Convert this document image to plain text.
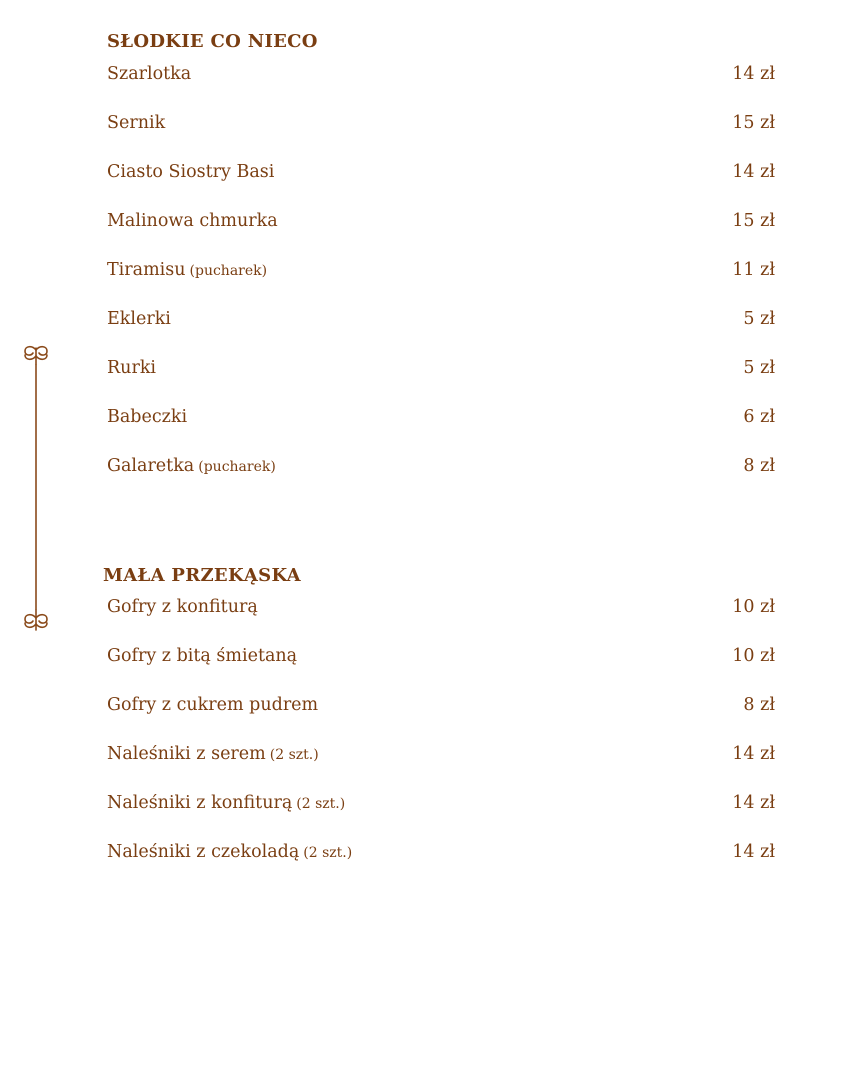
SŁODKIE CO NIECO
Szarlotka	14 zł
Sernik	15 zł
Ciasto Siostry Basi	14 zł
Malinowa chmurka	15 zł
Tiramisu (pucharek)	11 zł
Eklerki	5 zł
Rurki	5 zł
Babeczki	6 zł
Galaretka (pucharek)	8 zł
MAŁA PRZEKĄSKA
Gofry z konfiturą	10 zł
Gofry z bitą śmietaną	10 zł
Gofry z cukrem pudrem	8 zł
Naleśniki z serem (2 szt.)	14 zł
Naleśniki z konfiturą (2 szt.)	14 zł
Naleśniki z czekoladą (2 szt.)	14 zł
